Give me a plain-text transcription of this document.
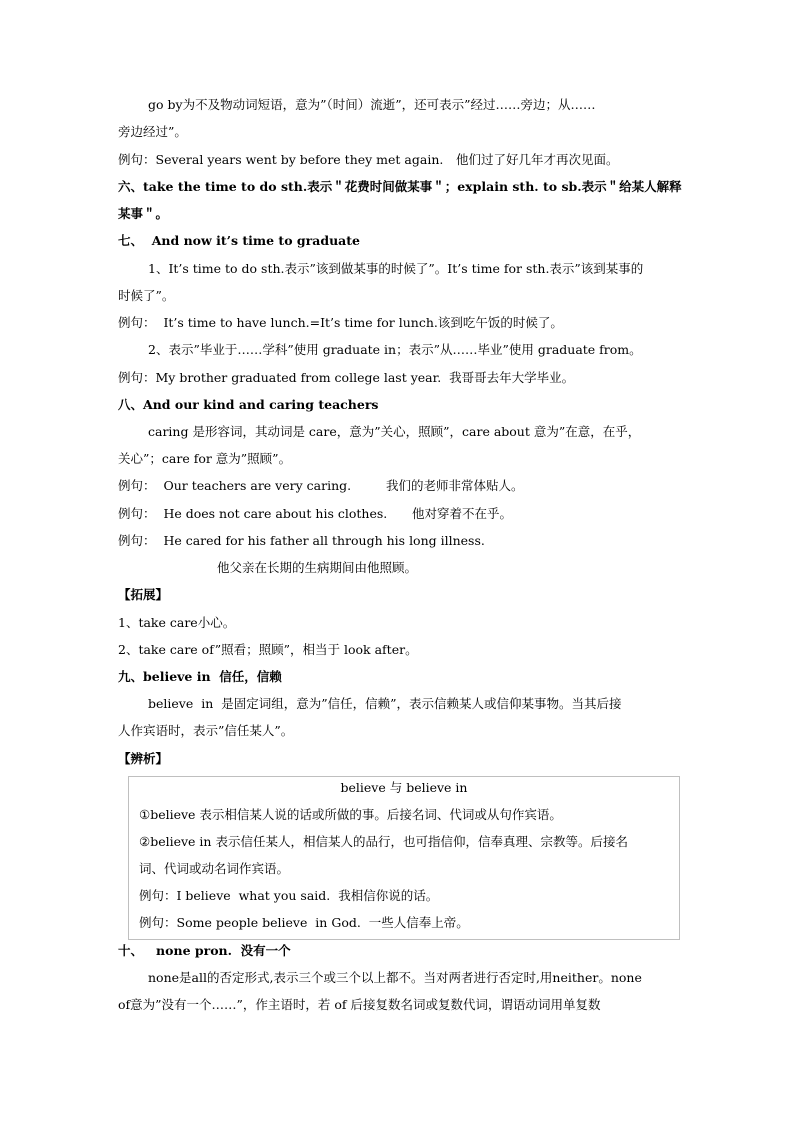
go by为不及物动词短语，意为”（时间）流逝”，还可表示”经过……旁边；从……
旁边经过”。
例句：Several years went by before they met again. 他们过了好几年才再次见面。
六、take the time to do sth.表示＂花费时间做某事＂；explain sth. to sb.表示＂给某人解释
某事＂。
七、  And now it’s time to graduate
1、It’s time to do sth.表示”该到做某事的时候了”。It’s time for sth.表示”该到某事的
时候了”。
例句：  It’s time to have lunch.=It’s time for lunch.该到吃午饭的时候了。
2、表示”毕业于……学科”使用 graduate in；表示”从……毕业”使用 graduate from。
例句：My brother graduated from college last year.  我哥哥去年大学毕业。
八、And our kind and caring teachers
caring 是形容词，其动词是 care，意为”关心，照顾”，care about 意为”在意，在乎，
关心”；care for 意为”照顾”。
例句：  Our teachers are very caring.	我们的老师非常体贴人。
例句：  He does not care about his clothes. 他对穿着不在乎。
例句：  He cared for his father all through his long illness.
他父亲在长期的生病期间由他照顾。
【拓展】
1、take care小心。
2、take care of”照看；照顾”，相当于 look after。
九、believe in  信任，信赖
believe  in  是固定词组，意为”信任，信赖”，表示信赖某人或信仰某事物。当其后接
人作宾语时，表示”信任某人”。
【辨析】
believe 与 believe in
①believe 表示相信某人说的话或所做的事。后接名词、代词或从句作宾语。
②believe in 表示信任某人，相信某人的品行，也可指信仰，信奉真理、宗教等。后接名
词、代词或动名词作宾语。
例句：I believe  what you said.  我相信你说的话。
例句：Some people believe  in God.  一些人信奉上帝。
十、   none pron.  没有一个
none是all的否定形式,表示三个或三个以上都不。当对两者进行否定时,用neither。none
of意为”没有一个……”，作主语时，若 of 后接复数名词或复数代词，谓语动词用单复数
